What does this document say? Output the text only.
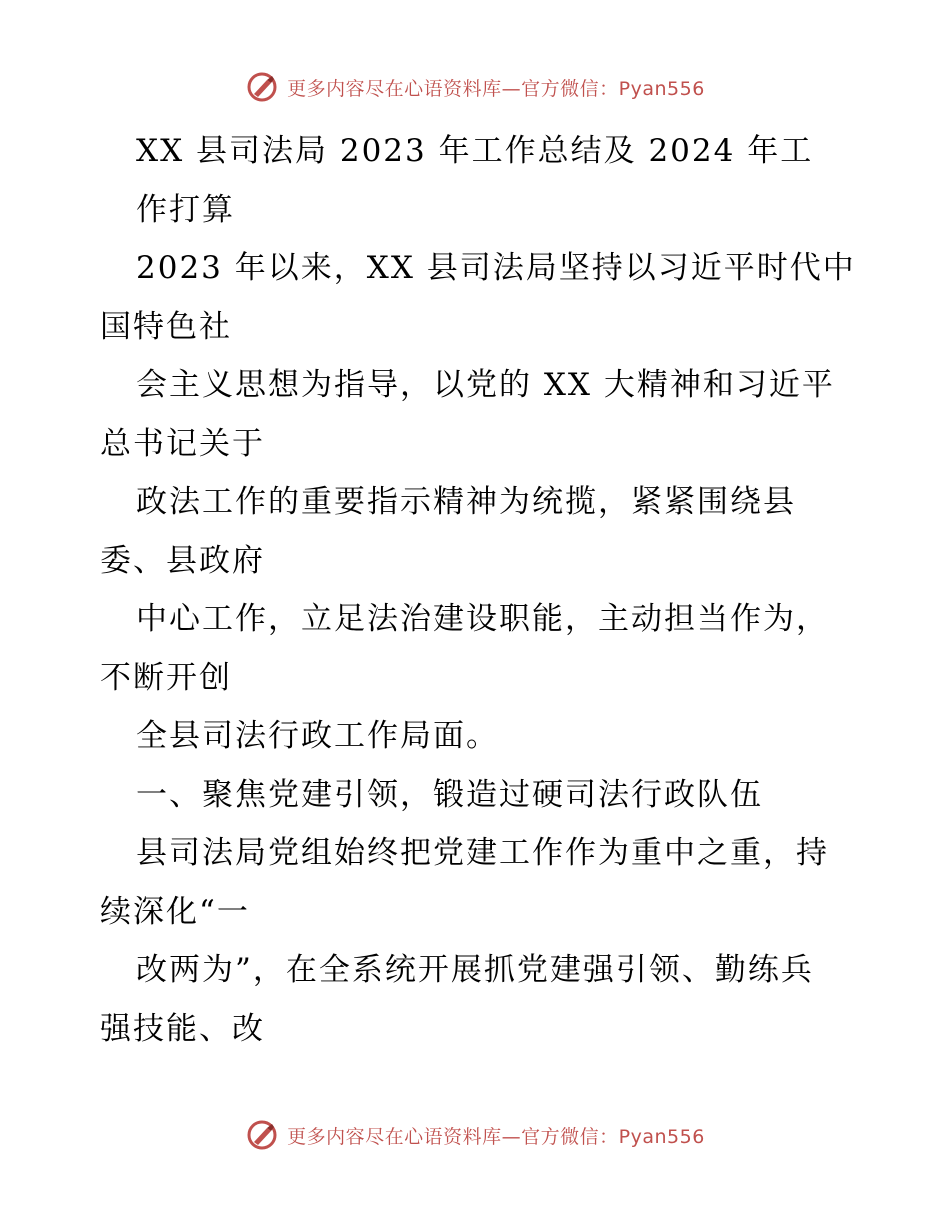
更多内容尽在心语资料库—官方微信：Pyan556
XX 县司法局 2023 年工作总结及 2024 年工
作打算
2023 年以来，XX 县司法局坚持以习近平时代中
国特色社
会主义思想为指导，以党的 XX 大精神和习近平
总书记关于
政法工作的重要指示精神为统揽，紧紧围绕县
委、县政府
中心工作，立足法治建设职能，主动担当作为，
不断开创
全县司法行政工作局面。
一、聚焦党建引领，锻造过硬司法行政队伍
县司法局党组始终把党建工作作为重中之重，持
续深化“一
改两为”，在全系统开展抓党建强引领、勤练兵
强技能、改
更多内容尽在心语资料库—官方微信：Pyan556
